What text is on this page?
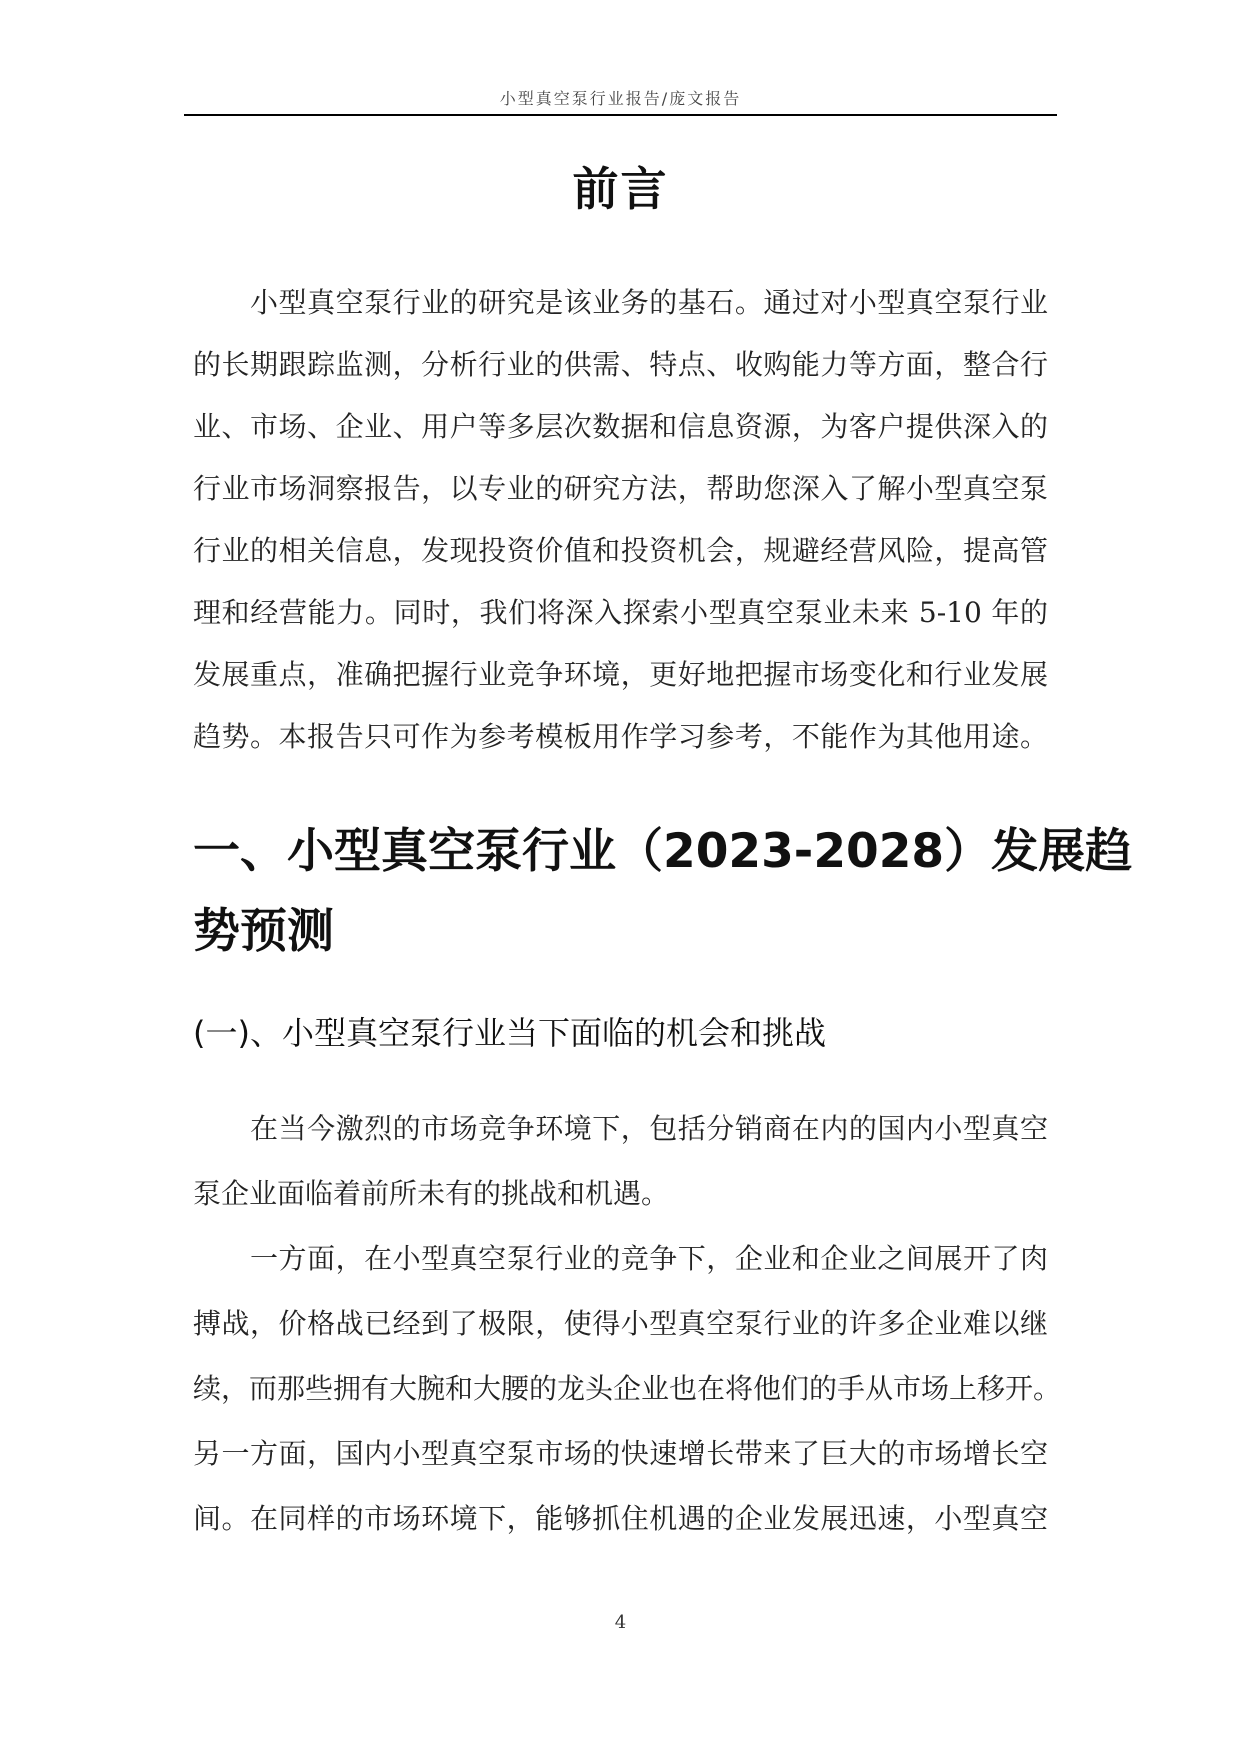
小型真空泵行业报告/庞文报告
前言
　　小型真空泵行业的研究是该业务的基石。通过对小型真空泵行业
的长期跟踪监测，分析行业的供需、特点、收购能力等方面，整合行
业、市场、企业、用户等多层次数据和信息资源，为客户提供深入的
行业市场洞察报告，以专业的研究方法，帮助您深入了解小型真空泵
行业的相关信息，发现投资价值和投资机会，规避经营风险，提高管
理和经营能力。同时，我们将深入探索小型真空泵业未来 5-10 年的
发展重点，准确把握行业竞争环境，更好地把握市场变化和行业发展
趋势。本报告只可作为参考模板用作学习参考，不能作为其他用途。
一、小型真空泵行业（2023-2028）发展趋
势预测
(一)、小型真空泵行业当下面临的机会和挑战
　　在当今激烈的市场竞争环境下，包括分销商在内的国内小型真空
泵企业面临着前所未有的挑战和机遇。
　　一方面，在小型真空泵行业的竞争下，企业和企业之间展开了肉
搏战，价格战已经到了极限，使得小型真空泵行业的许多企业难以继
续，而那些拥有大腕和大腰的龙头企业也在将他们的手从市场上移开。
另一方面，国内小型真空泵市场的快速增长带来了巨大的市场增长空
间。在同样的市场环境下，能够抓住机遇的企业发展迅速，小型真空
4
